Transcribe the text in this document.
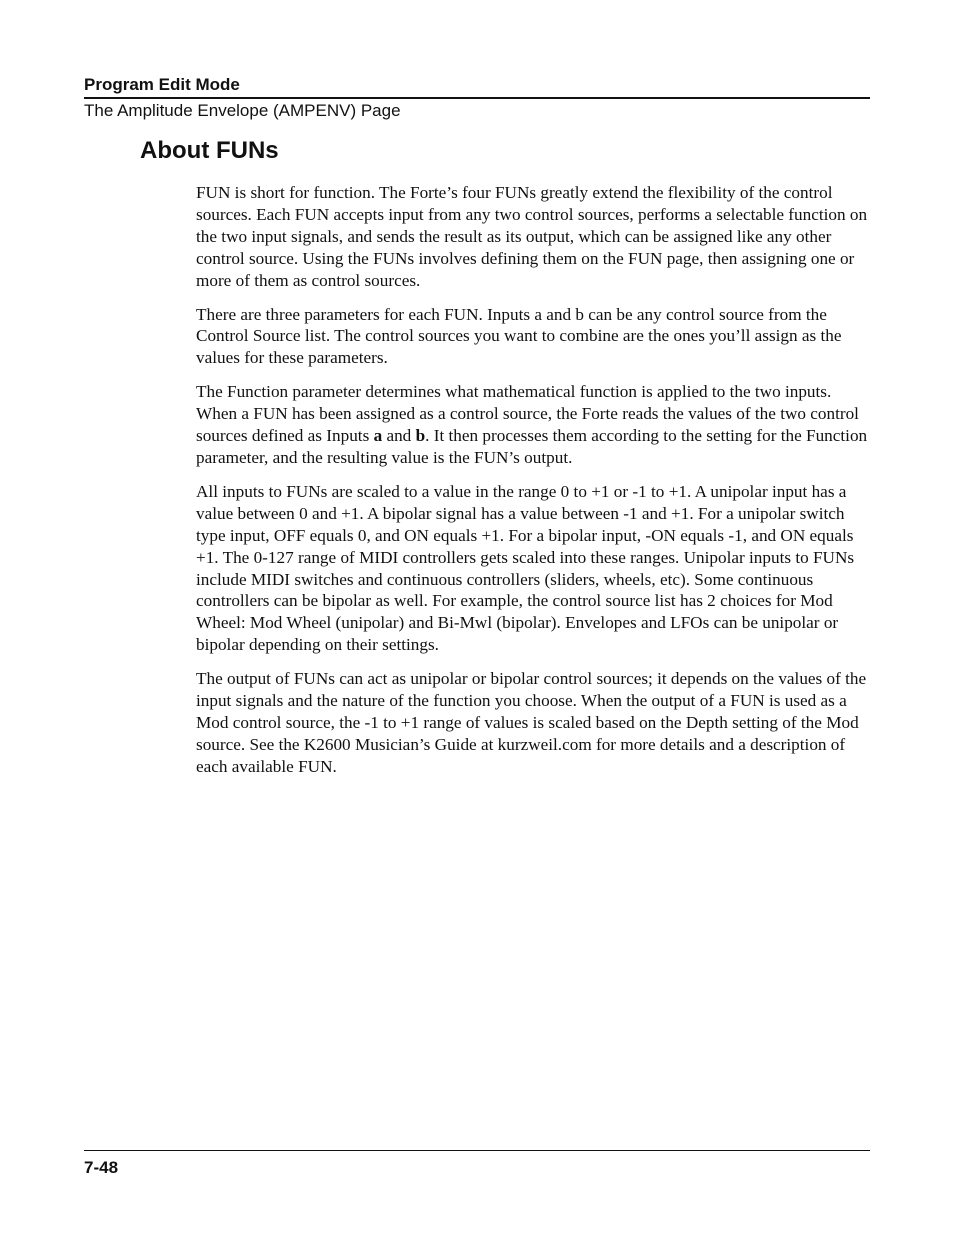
Program Edit Mode
The Amplitude Envelope (AMPENV) Page
About FUNs

FUN is short for function. The Forte’s four FUNs greatly extend the flexibility of the control sources. Each FUN accepts input from any two control sources, performs a selectable function on the two input signals, and sends the result as its output, which can be assigned like any other control source. Using the FUNs involves defining them on the FUN page, then assigning one or more of them as control sources.

There are three parameters for each FUN. Inputs a and b can be any control source from the Control Source list. The control sources you want to combine are the ones you’ll assign as the values for these parameters.

The Function parameter determines what mathematical function is applied to the two inputs. When a FUN has been assigned as a control source, the Forte reads the values of the two control sources defined as Inputs a and b. It then processes them according to the setting for the Function parameter, and the resulting value is the FUN’s output.

All inputs to FUNs are scaled to a value in the range 0 to +1 or -1 to +1. A unipolar input has a value between 0 and +1. A bipolar signal has a value between -1 and +1. For a unipolar switch type input, OFF equals 0, and ON equals +1. For a bipolar input, -ON equals -1, and ON equals +1. The 0-127 range of MIDI controllers gets scaled into these ranges. Unipolar inputs to FUNs include MIDI switches and continuous controllers (sliders, wheels, etc). Some continuous controllers can be bipolar as well. For example, the control source list has 2 choices for Mod Wheel: Mod Wheel (unipolar) and Bi-Mwl (bipolar). Envelopes and LFOs can be unipolar or bipolar depending on their settings.

The output of FUNs can act as unipolar or bipolar control sources; it depends on the values of the input signals and the nature of the function you choose. When the output of a FUN is used as a Mod control source, the -1 to +1 range of values is scaled based on the Depth setting of the Mod source. See the K2600 Musician’s Guide at kurzweil.com for more details and a description of each available FUN.

7-48
